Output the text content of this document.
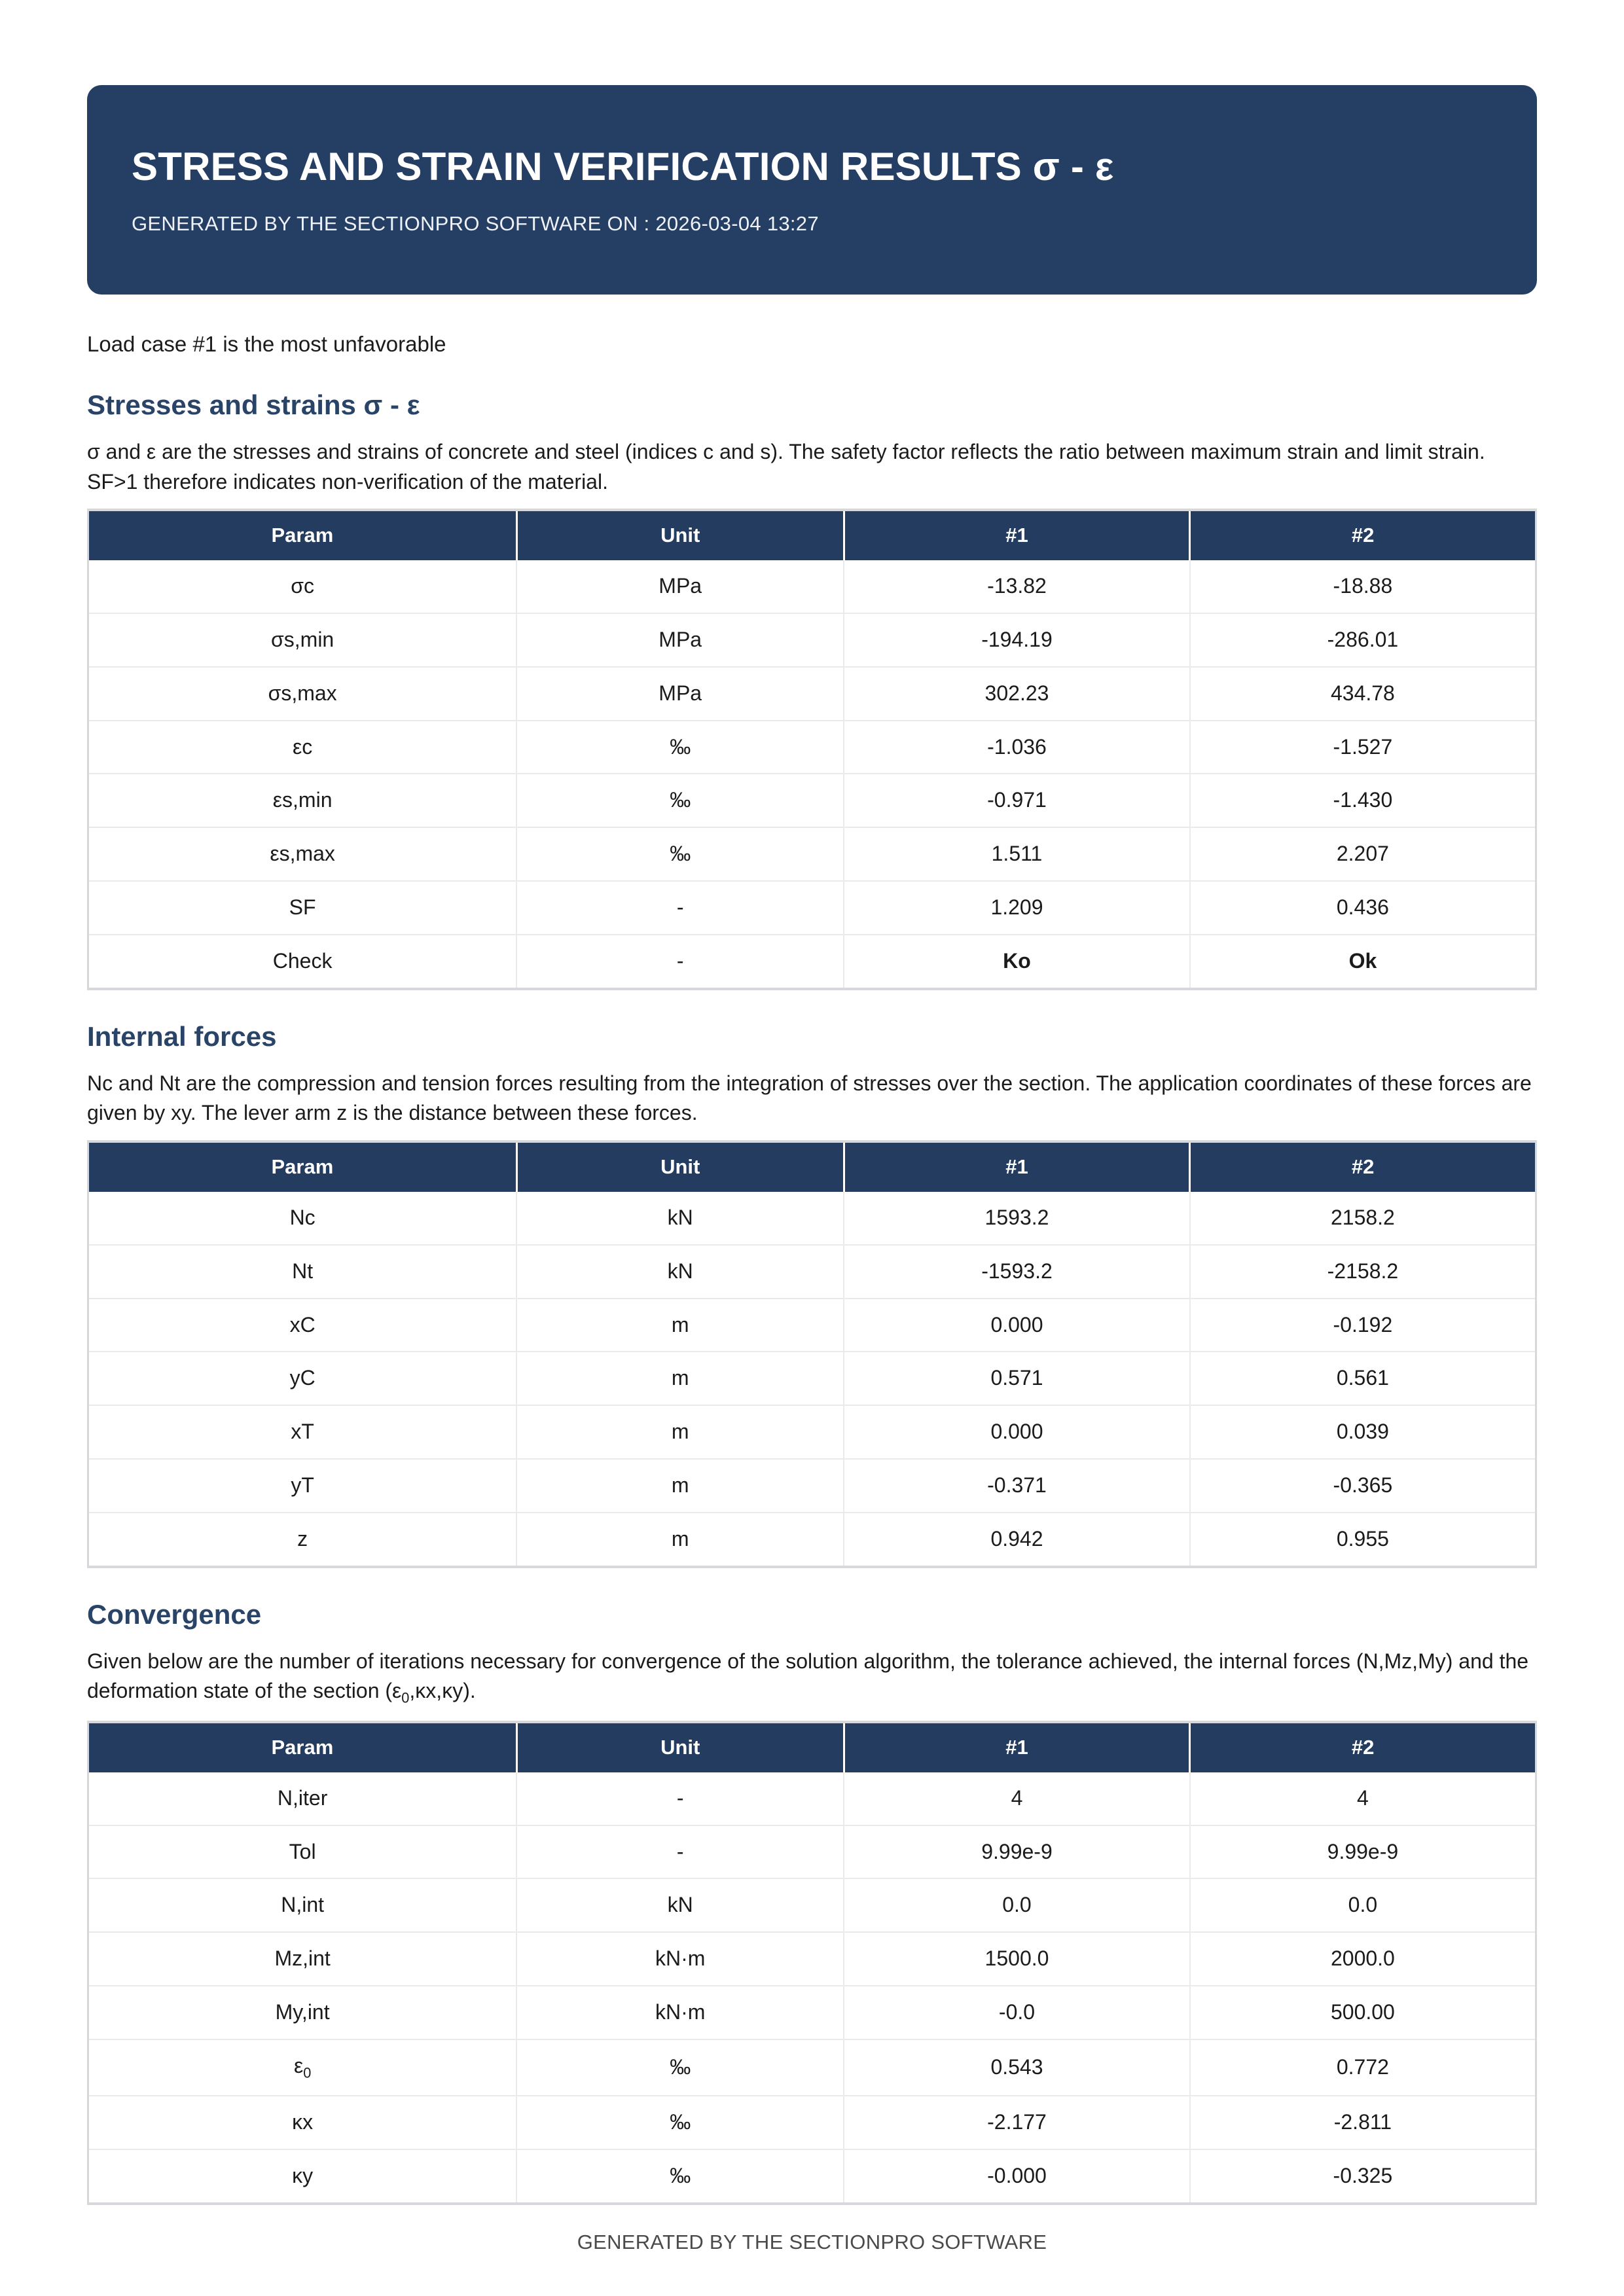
STRESS AND STRAIN VERIFICATION RESULTS σ - ε
GENERATED BY THE SECTIONPRO SOFTWARE ON : 2026-03-04 13:27

Load case #1 is the most unfavorable

Stresses and strains σ - ε

σ and ε are the stresses and strains of concrete and steel (indices c and s). The safety factor reflects the ratio between maximum strain and limit strain. SF>1 therefore indicates non-verification of the material.

Param	Unit	#1	#2
σc	MPa	-13.82	-18.88
σs,min	MPa	-194.19	-286.01
σs,max	MPa	302.23	434.78
εc	‰	-1.036	-1.527
εs,min	‰	-0.971	-1.430
εs,max	‰	1.511	2.207
SF	-	1.209	0.436
Check	-	Ko	Ok
Internal forces

Nc and Nt are the compression and tension forces resulting from the integration of stresses over the section. The application coordinates of these forces are given by xy. The lever arm z is the distance between these forces.

Param	Unit	#1	#2
Nc	kN	1593.2	2158.2
Nt	kN	-1593.2	-2158.2
xC	m	0.000	-0.192
yC	m	0.571	0.561
xT	m	0.000	0.039
yT	m	-0.371	-0.365
z	m	0.942	0.955
Convergence

Given below are the number of iterations necessary for convergence of the solution algorithm, the tolerance achieved, the internal forces (N,Mz,My) and the deformation state of the section $(\varepsilon_0,\kappa x,\kappa y)$.

Param	Unit	#1	#2
N,iter	-	4	4
Tol	-	9.99e-9	9.99e-9
N,int	kN	0.0	0.0
Mz,int	kN·m	1500.0	2000.0
My,int	kN·m	-0.0	500.00
$\varepsilon_0$	‰	0.543	0.772
κx	‰	-2.177	-2.811
κy	‰	-0.000	-0.325
GENERATED BY THE SECTIONPRO SOFTWARE
